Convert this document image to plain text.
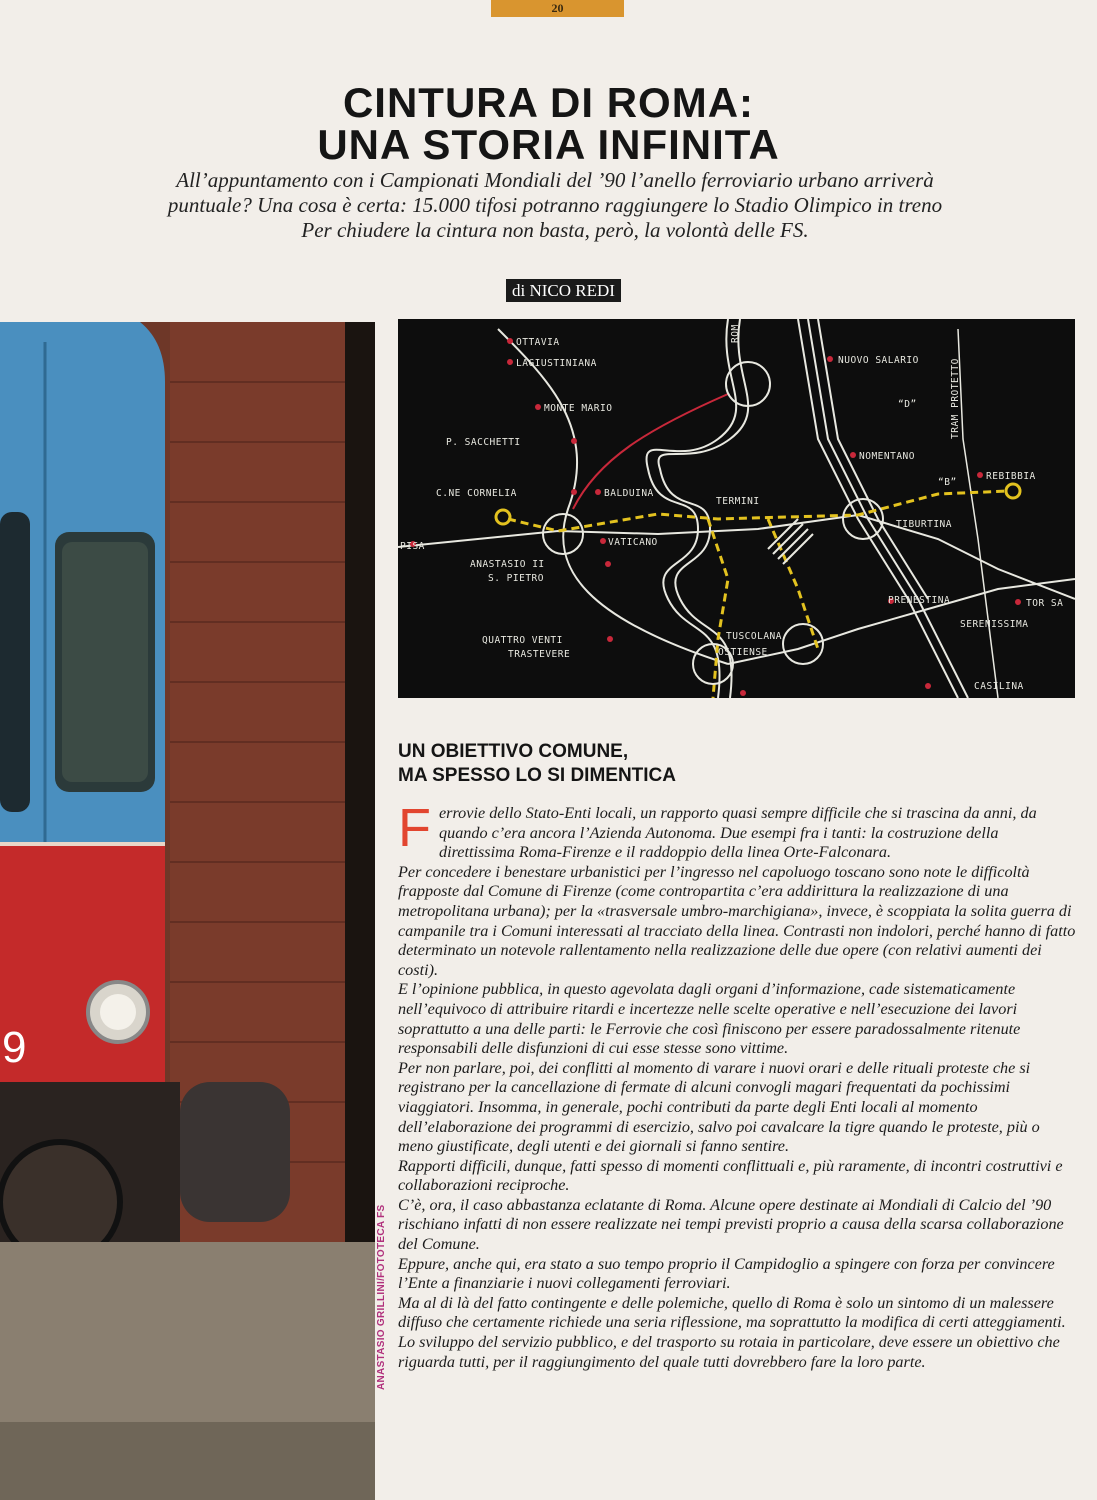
20
CINTURA DI ROMA:
UNA STORIA INFINITA
All’appuntamento con i Campionati Mondiali del ’90 l’anello ferroviario urbano arriverà
puntuale? Una cosa è certa: 15.000 tifosi potranno raggiungere lo Stadio Olimpico in treno
Per chiudere la cintura non basta, però, la volontà delle FS.
di NICO REDI
9
ANASTASIO GRILLINI/FOTOTECA FS
OTTAVIA
LAGIUSTINIANA
MONTE MARIO
P. SACCHETTI
C.NE CORNELIA	BALDUINA
TERMINI
VATICANO
PISA
ANASTASIO II
S. PIETRO
QUATTRO VENTI
TRASTEVERE
TUSCOLANA
OSTIENSE
NUOVO SALARIO
NOMENTANO
REBIBBIA
TIBURTINA
PRENESTINA	TOR SA
SERENISSIMA
CASILINA
“B”
“D”
ROM
TRAM PROTETTO
UN OBIETTIVO COMUNE,
MA SPESSO LO SI DIMENTICA

Ferrovie dello Stato-Enti locali, un rapporto quasi sempre difficile che si trascina da anni, da quando c’era ancora l’Azienda Autonoma. Due esempi fra i tanti: la costruzione della direttissima Roma-Firenze e il raddoppio della linea Orte-Falconara.

Per concedere i benestare urbanistici per l’ingresso nel capoluogo toscano sono note le difficoltà frapposte dal Comune di Firenze (come contropartita c’era addirittura la realizzazione di una metropolitana urbana); per la «trasversale umbro-marchigiana», invece, è scoppiata la solita guerra di campanile tra i Comuni interessati al tracciato della linea. Contrasti non indolori, perché hanno di fatto determinato un notevole rallentamento nella realizzazione delle due opere (con relativi aumenti dei costi).

E l’opinione pubblica, in questo agevolata dagli organi d’informazione, cade sistematicamente nell’equivoco di attribuire ritardi e incertezze nelle scelte operative e nell’esecuzione dei lavori soprattutto a una delle parti: le Ferrovie che così finiscono per essere paradossalmente ritenute responsabili delle disfunzioni di cui esse stesse sono vittime.

Per non parlare, poi, dei conflitti al momento di varare i nuovi orari e delle rituali proteste che si registrano per la cancellazione di fermate di alcuni convogli magari frequentati da pochissimi viaggiatori. Insomma, in generale, pochi contributi da parte degli Enti locali al momento dell’elaborazione dei programmi di esercizio, salvo poi cavalcare la tigre quando le proteste, più o meno giustificate, degli utenti e dei giornali si fanno sentire.

Rapporti difficili, dunque, fatti spesso di momenti conflittuali e, più raramente, di incontri costruttivi e collaborazioni reciproche.

C’è, ora, il caso abbastanza eclatante di Roma. Alcune opere destinate ai Mondiali di Calcio del ’90 rischiano infatti di non essere realizzate nei tempi previsti proprio a causa della scarsa collaborazione del Comune.

Eppure, anche qui, era stato a suo tempo proprio il Campidoglio a spingere con forza per convincere l’Ente a finanziarie i nuovi collegamenti ferroviari.

Ma al di là del fatto contingente e delle polemiche, quello di Roma è solo un sintomo di un malessere diffuso che certamente richiede una seria riflessione, ma soprattutto la modifica di certi atteggiamenti.

Lo sviluppo del servizio pubblico, e del trasporto su rotaia in particolare, deve essere un obiettivo che riguarda tutti, per il raggiungimento del quale tutti dovrebbero fare la loro parte.
